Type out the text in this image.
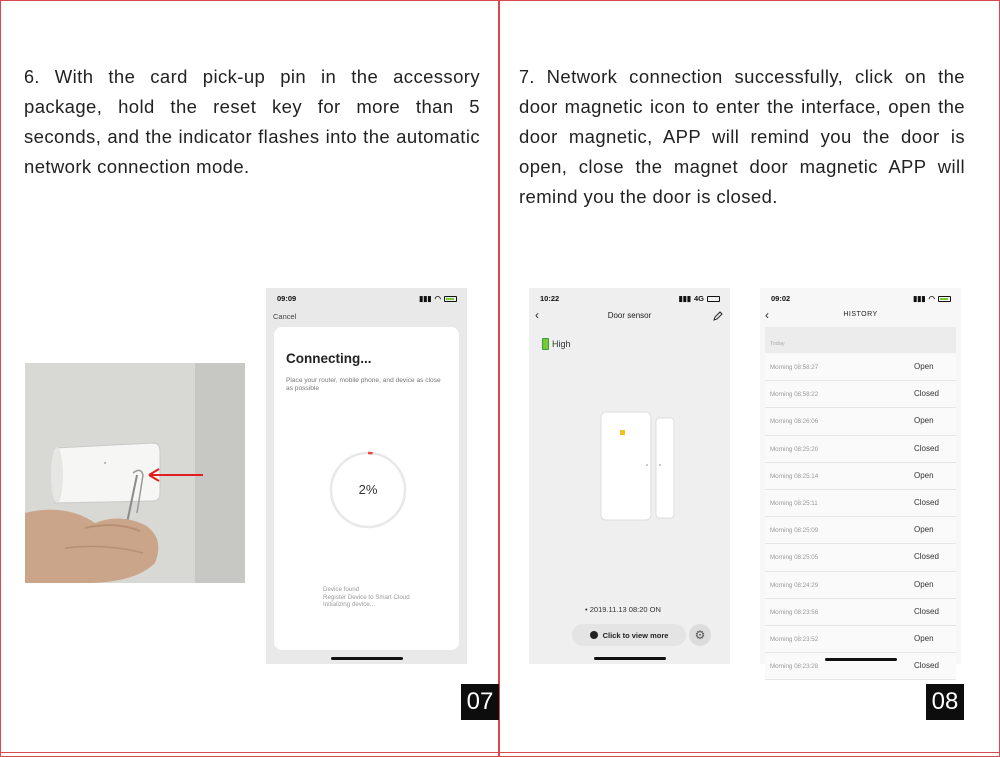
6. With the card pick-up pin in the accessory package, hold the reset key for more than 5 seconds, and the indicator flashes into the automatic network connection mode.

7. Network connection successfully, click on the door magnetic icon to enter the interface, open the door magnetic, APP will remind you the door is open, close the magnet door magnetic APP will remind you the door is closed.

09:09	▮▮▮ ◠
Cancel
Connecting...
Place your router, mobile phone, and device as close as possible
2%
Device found
Register Device to Smart Cloud
Initializing device...
10:22	▮▮▮ 4G
‹	Door sensor
High
• 2019.11.13 08:20 ON
Click to view more	⚙
09:02	▮▮▮ ◠
‹	HISTORY
Today
Morning 08:58:27	Open
Morning 08:58:22	Closed
Morning 08:26:06	Open
Morning 08:25:20	Closed
Morning 08:25:14	Open
Morning 08:25:11	Closed
Morning 08:25:09	Open
Morning 08:25:05	Closed
Morning 08:24:29	Open
Morning 08:23:56	Closed
Morning 08:23:52	Open
Morning 08:23:28	Closed
07	08
